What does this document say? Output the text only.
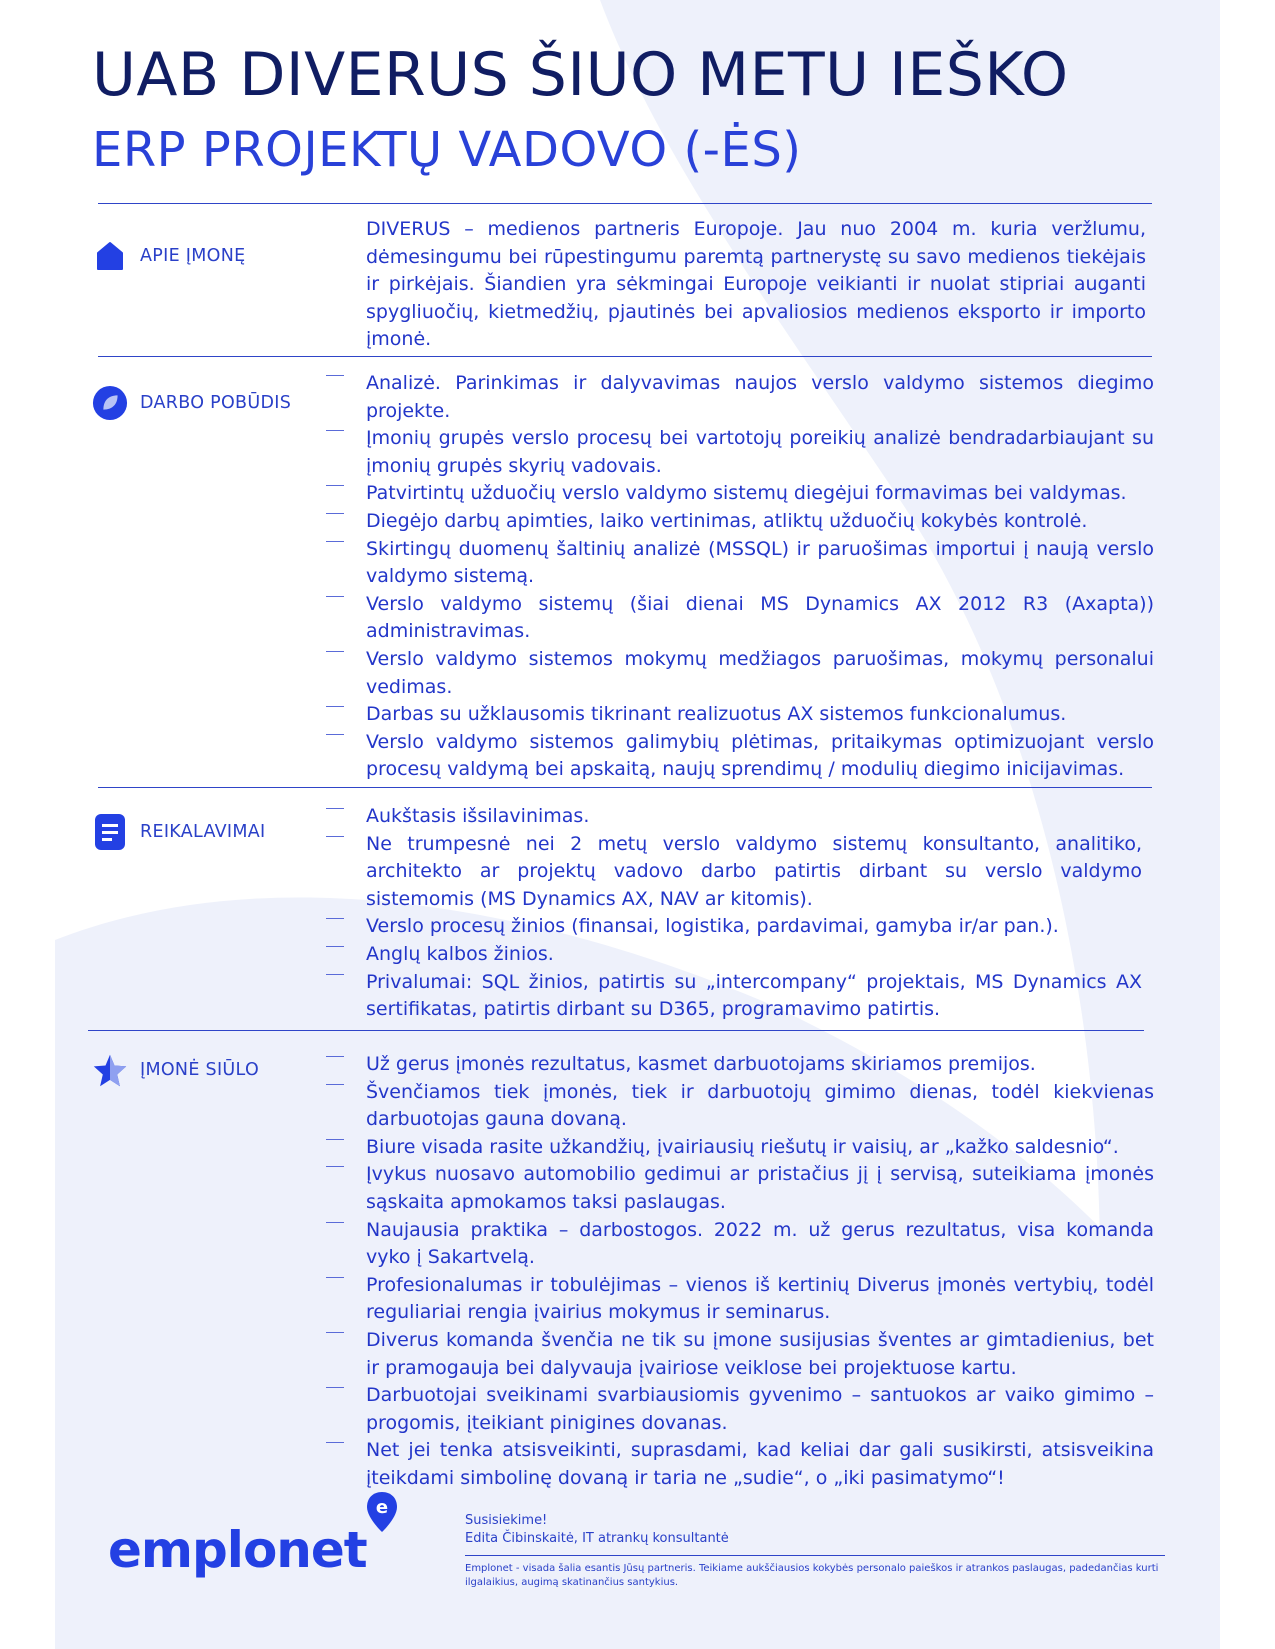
UAB DIVERUS ŠIUO METU IEŠKO
ERP PROJEKTŲ VADOVO (-ĖS)
APIE ĮMONĘ
DIVERUS – medienos partneris Europoje. Jau nuo 2004 m. kuria veržlumu, dėmesingumu bei rūpestingumu paremtą partnerystę su savo medienos tiekėjais ir pirkėjais. Šiandien yra sėkmingai Europoje veikianti ir nuolat stipriai auganti spygliuočių, kietmedžių, pjautinės bei apvaliosios medienos eksporto ir importo įmonė.
DARBO POBŪDIS
Analizė. Parinkimas ir dalyvavimas naujos verslo valdymo sistemos diegimo projekte.
Įmonių grupės verslo procesų bei vartotojų poreikių analizė bendradarbiaujant su įmonių grupės skyrių vadovais.
Patvirtintų užduočių verslo valdymo sistemų diegėjui formavimas bei valdymas.
Diegėjo darbų apimties, laiko vertinimas, atliktų užduočių kokybės kontrolė.
Skirtingų duomenų šaltinių analizė (MSSQL) ir paruošimas importui į naują verslo valdymo sistemą.
Verslo valdymo sistemų (šiai dienai MS Dynamics AX 2012 R3 (Axapta)) administravimas.
Verslo valdymo sistemos mokymų medžiagos paruošimas, mokymų personalui vedimas.
Darbas su užklausomis tikrinant realizuotus AX sistemos funkcionalumus.
Verslo valdymo sistemos galimybių plėtimas, pritaikymas optimizuojant verslo procesų valdymą bei apskaitą, naujų sprendimų / modulių diegimo inicijavimas.
REIKALAVIMAI
Aukštasis išsilavinimas.
Ne trumpesnė nei 2 metų verslo valdymo sistemų konsultanto, analitiko, architekto ar projektų vadovo darbo patirtis dirbant su verslo valdymo sistemomis (MS Dynamics AX, NAV ar kitomis).
Verslo procesų žinios (finansai, logistika, pardavimai, gamyba ir/ar pan.).
Anglų kalbos žinios.
Privalumai: SQL žinios, patirtis su „intercompany“ projektais, MS Dynamics AX sertifikatas, patirtis dirbant su D365, programavimo patirtis.
ĮMONĖ SIŪLO	Už gerus įmonės rezultatus, kasmet darbuotojams skiriamos premijos.
Švenčiamos tiek įmonės, tiek ir darbuotojų gimimo dienas, todėl kiekvienas darbuotojas gauna dovaną.
Biure visada rasite užkandžių, įvairiausių riešutų ir vaisių, ar „kažko saldesnio“.
Įvykus nuosavo automobilio gedimui ar pristačius jį į servisą, suteikiama įmonės sąskaita apmokamos taksi paslaugas.
Naujausia praktika – darbostogos. 2022 m. už gerus rezultatus, visa komanda vyko į Sakartvelą.
Profesionalumas ir tobulėjimas – vienos iš kertinių Diverus įmonės vertybių, todėl reguliariai rengia įvairius mokymus ir seminarus.
Diverus komanda švenčia ne tik su įmone susijusias šventes ar gimtadienius, bet ir pramogauja bei dalyvauja įvairiose veiklose bei projektuose kartu.
Darbuotojai sveikinami svarbiausiomis gyvenimo – santuokos ar vaiko gimimo – progomis, įteikiant pinigines dovanas.
Net jei tenka atsisveikinti, suprasdami, kad keliai dar gali susikirsti, atsisveikina įteikdami simbolinę dovaną ir taria ne „sudie“, o „iki pasimatymo“!
emplonet
e
Susisiekime!
Edita Čibinskaitė, IT atrankų konsultantė
Emplonet - visada šalia esantis Jūsų partneris. Teikiame aukščiausios kokybės personalo paieškos ir atrankos paslaugas, padedančias kurti ilgalaikius, augimą skatinančius santykius.
